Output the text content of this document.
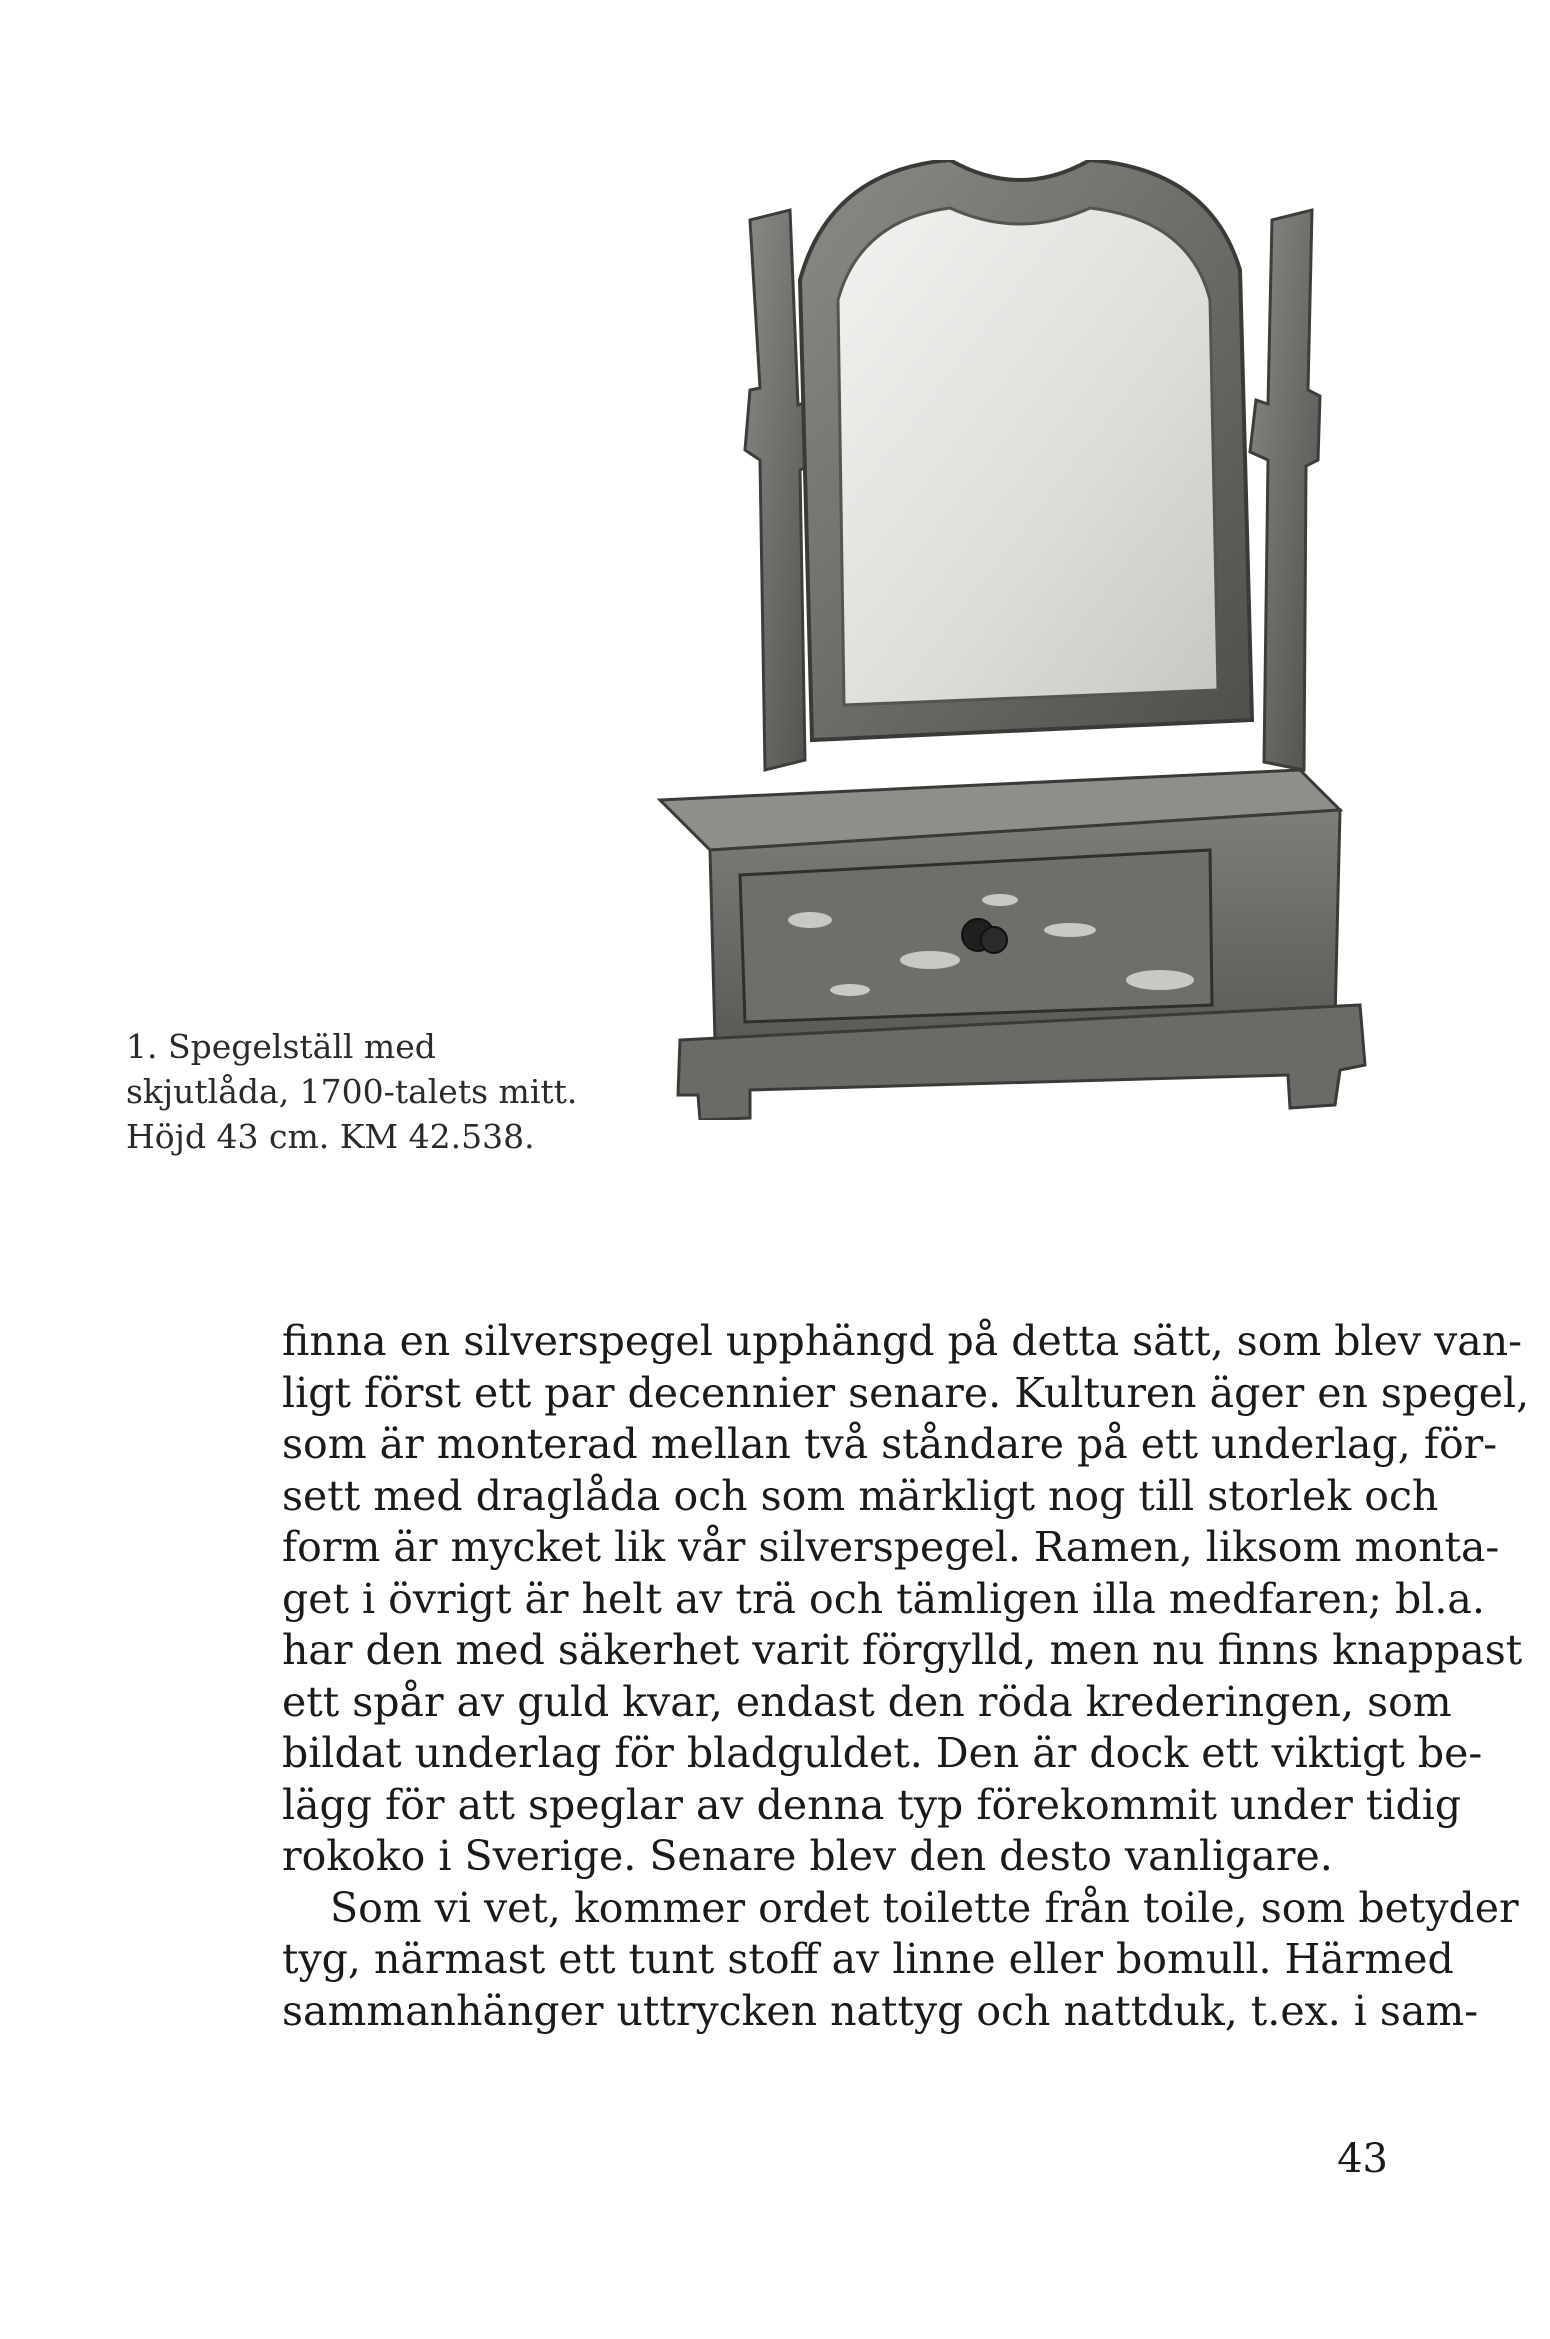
1. Spegelställ med
skjutlåda, 1700-talets mitt.
Höjd 43 cm. KM 42.538.
finna en silverspegel upphängd på detta sätt, som blev van-
ligt först ett par decennier senare. Kulturen äger en spegel,
som är monterad mellan två ståndare på ett underlag, för-
sett med draglåda och som märkligt nog till storlek och
form är mycket lik vår silverspegel. Ramen, liksom monta-
get i övrigt är helt av trä och tämligen illa medfaren; bl.a.
har den med säkerhet varit förgylld, men nu finns knappast
ett spår av guld kvar, endast den röda krederingen, som
bildat underlag för bladguldet. Den är dock ett viktigt be-
lägg för att speglar av denna typ förekommit under tidig
rokoko i Sverige. Senare blev den desto vanligare.
Som vi vet, kommer ordet toilette från toile, som betyder
tyg, närmast ett tunt stoff av linne eller bomull. Härmed
sammanhänger uttrycken nattyg och nattduk, t.ex. i sam-
43
